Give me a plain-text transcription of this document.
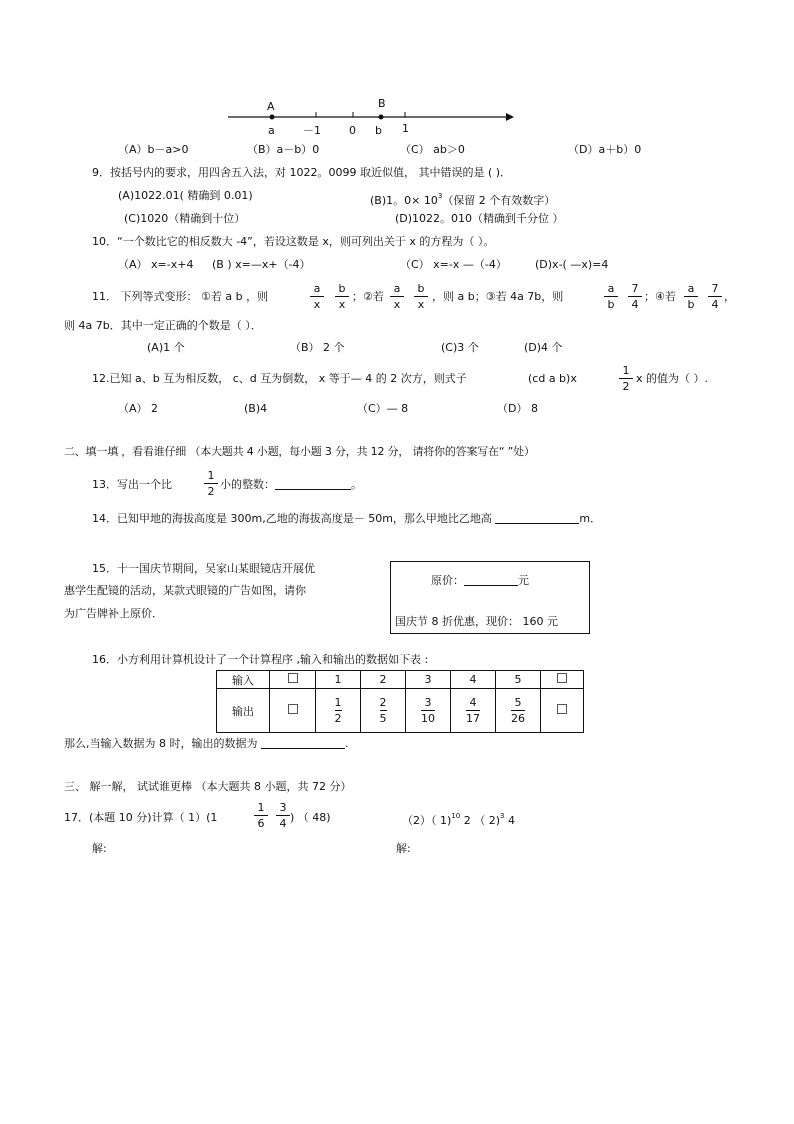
A	B
a	－1	0 b 1
（A）b－a>0	（B）a－b）0	（C） ab＞0	（D）a＋b）0
9．按括号内的要求，用四舍五入法，对 1022。0099 取近似值， 其中错误的是 ( )．
(A)1022.01( 精确到 0.01)	(B)1。$0\times 10^3$（保留 2 个有效数字）
(C)1020（精确到十位）	(D)1022。010（精确到千分位 ）
10．“一个数比它的相反数大 -4”，若设这数是 x，则可列出关于 x 的方程为（ ）。
（A） x=-x+4 (B ) x=—x+（-4）	（C） x=-x —（-4）	(D)x-( —x)=4
11． 下列等式变形： ①若 a b ，则
a
x
b
x
；②若
a
x
b
x
，则 a b；③若 4a 7b，则
a
b
7
4
；④若
a
b
7
4
，
则 4a 7b．其中一定正确的个数是（ ）．
(A)1 个	（B） 2 个	(C)3 个	(D)4 个
12.已知 a、b 互为相反数， c、d 互为倒数， x 等于— 4 的 2 次方，则式子	(cd a b)x
1
2
x 的值为（ ）.
（A） 2	(B)4	（C）— 8	（D） 8
二、填一填 ，看看谁仔细 （本大题共 4 小题，每小题 3 分，共 12 分， 请将你的答案写在“ ”处）
13．写出一个比
1
2
小的整数：	。
14．已知甲地的海拔高度是 300m,乙地的海拔高度是－ 50m，那么甲地比乙地高	m．
15．十一国庆节期间，吴家山某眼镜店开展优
惠学生配镜的活动，某款式眼镜的广告如图，请你
为广告牌补上原价．
原价：	元
国庆节 8 折优惠，现价： 160 元
16．小方利用计算机设计了一个计算程序 ,输入和输出的数据如下表 :
输入		1	2	3	4	5	
输出		$\frac{1}{2}$	$\frac{2}{5}$	$\frac{3}{10}$	$\frac{4}{17}$	$\frac{5}{26}$

那么,当输入数据为 8 时，输出的数据为	.
三、 解一解， 试试谁更棒 （本大题共 8 小题，共 72 分）
17．(本题 10 分)计算（ 1）(1
1
6
3
4 ) （ 48)	（2）（ 1)$^{10}$ 2 （ 2)$^3$ 4
解:	解:
